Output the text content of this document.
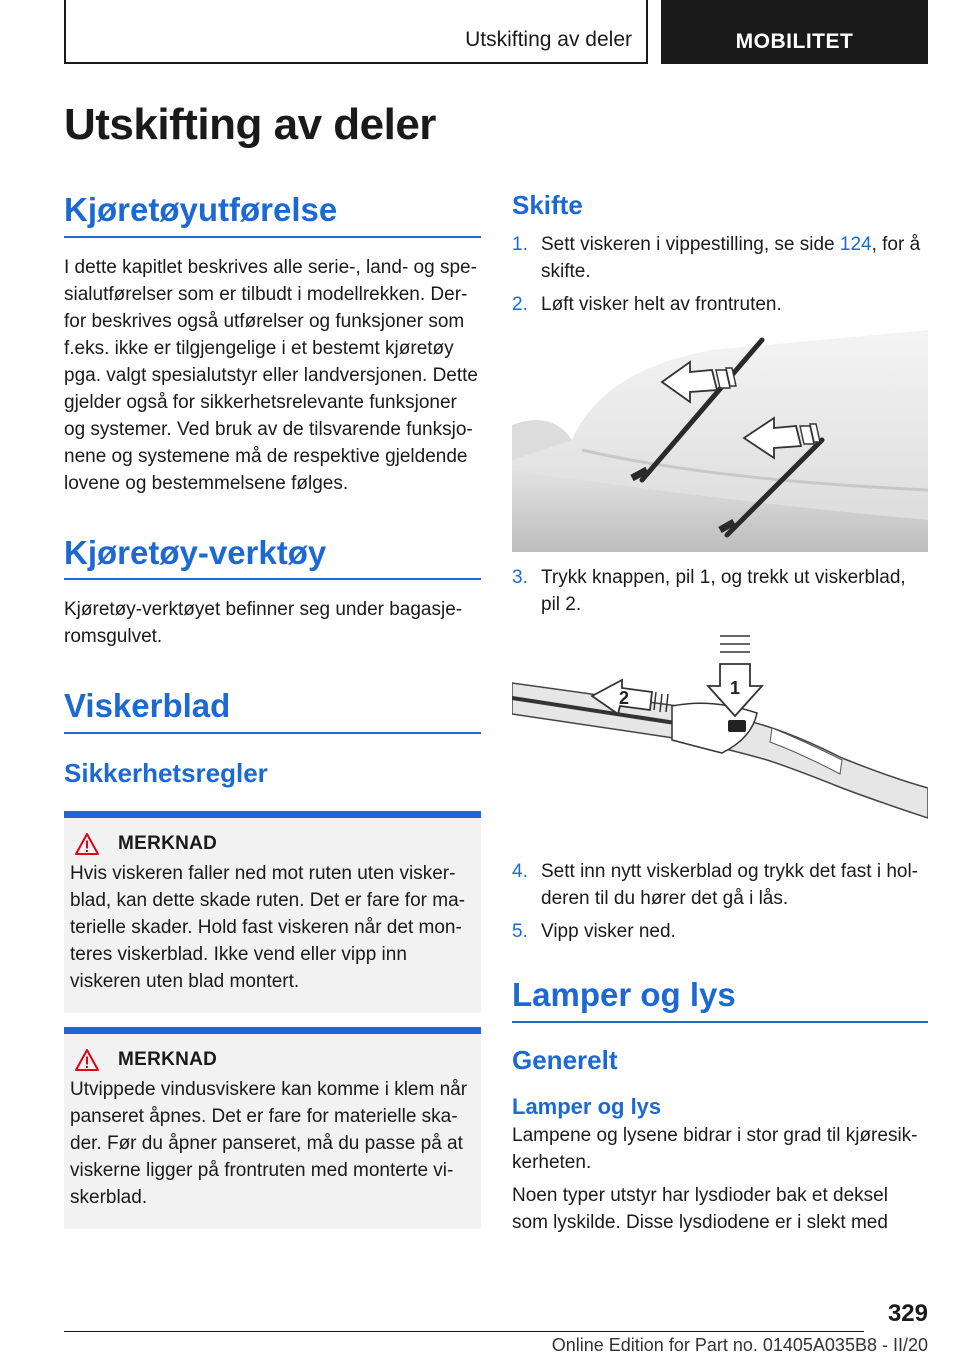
Utskifting av deler	MOBILITET
Utskifting av deler
Kjøretøyutførelse

I dette kapitlet beskrives alle serie-, land- og spe-

sialutførelser som er tilbudt i modellrekken. Der-

for beskrives også utførelser og funksjoner som

f.eks. ikke er tilgjengelige i et bestemt kjøretøy

pga. valgt spesialutstyr eller landversjonen. Dette

gjelder også for sikkerhetsrelevante funksjoner

og systemer. Ved bruk av de tilsvarende funksjo-

nene og systemene må de respektive gjeldende

lovene og bestemmelsene følges.

Kjøretøy-verktøy

Kjøretøy-verktøyet befinner seg under bagasje-

romsgulvet.

Viskerblad
Sikkerhetsregler
MERKNAD

Hvis viskeren faller ned mot ruten uten visker-

blad, kan dette skade ruten. Det er fare for ma-

terielle skader. Hold fast viskeren når det mon-

teres viskerblad. Ikke vend eller vipp inn

viskeren uten blad montert.

MERKNAD

Utvippede vindusviskere kan komme i klem når

panseret åpnes. Det er fare for materielle ska-

der. Før du åpner panseret, må du passe på at

viskerne ligger på frontruten med monterte vi-

skerblad.

Skifte
1. Sett viskeren i vippestilling, se side 124, for å
skifte.
2. Løft visker helt av frontruten.
3. Trykk knappen, pil 1, og trekk ut viskerblad,
pil 2.
1
2
4. Sett inn nytt viskerblad og trykk det fast i hol-
deren til du hører det gå i lås.
5. Vipp visker ned.
Lamper og lys
Generelt
Lamper og lys

Lampene og lysene bidrar i stor grad til kjøresik-

kerheten.

Noen typer utstyr har lysdioder bak et deksel

som lyskilde. Disse lysdiodene er i slekt med

329
Online Edition for Part no. 01405A035B8 - II/20
